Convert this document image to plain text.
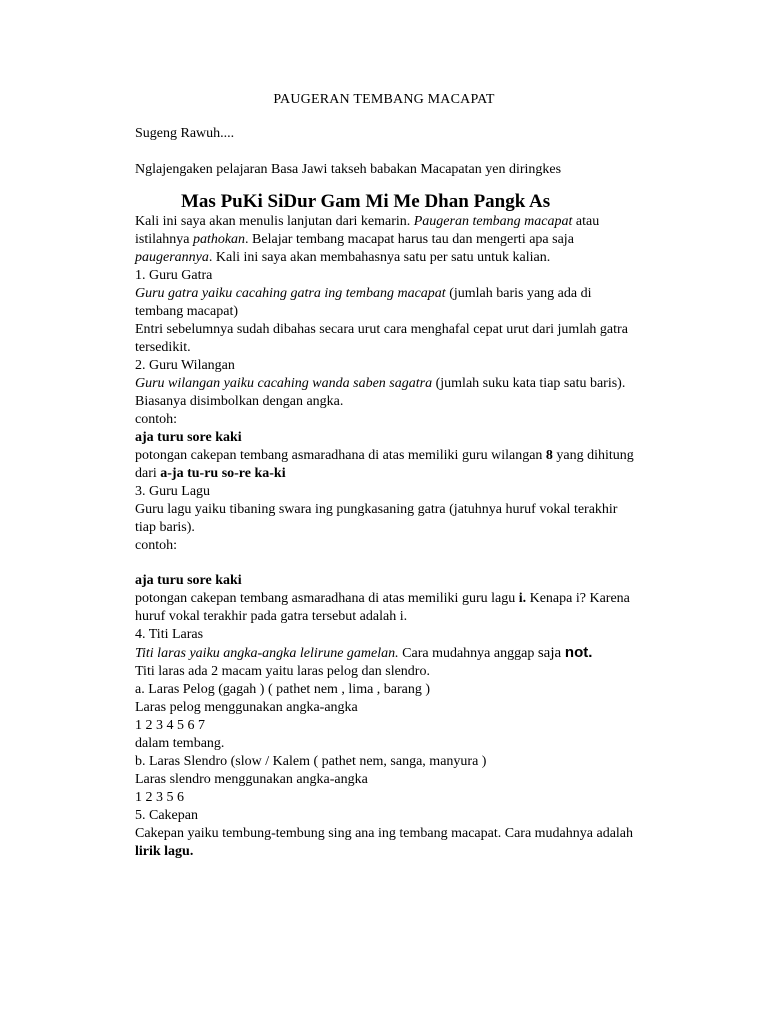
PAUGERAN TEMBANG MACAPAT
Sugeng Rawuh....
Nglajengaken pelajaran Basa Jawi takseh babakan Macapatan yen diringkes
Mas PuKi SiDur Gam Mi Me Dhan Pangk As
Kali ini saya akan menulis lanjutan dari kemarin. Paugeran tembang macapat atau
istilahnya pathokan. Belajar tembang macapat harus tau dan mengerti apa saja
paugerannya. Kali ini saya akan membahasnya satu per satu untuk kalian.
1. Guru Gatra
Guru gatra yaiku cacahing gatra ing tembang macapat (jumlah baris yang ada di
tembang macapat)
Entri sebelumnya sudah dibahas secara urut cara menghafal cepat urut dari jumlah gatra
tersedikit.
2. Guru Wilangan
Guru wilangan yaiku cacahing wanda saben sagatra (jumlah suku kata tiap satu baris).
Biasanya disimbolkan dengan angka.
contoh:
aja turu sore kaki
potongan cakepan tembang asmaradhana di atas memiliki guru wilangan 8 yang dihitung
dari a-ja tu-ru so-re ka-ki
3. Guru Lagu
Guru lagu yaiku tibaning swara ing pungkasaning gatra (jatuhnya huruf vokal terakhir
tiap baris).
contoh:
aja turu sore kaki
potongan cakepan tembang asmaradhana di atas memiliki guru lagu i. Kenapa i? Karena
huruf vokal terakhir pada gatra tersebut adalah i.
4. Titi Laras
Titi laras yaiku angka-angka lelirune gamelan. Cara mudahnya anggap saja not.
Titi laras ada 2 macam yaitu laras pelog dan slendro.
a. Laras Pelog (gagah ) ( pathet nem , lima , barang )
Laras pelog menggunakan angka-angka
1 2 3 4 5 6 7
dalam tembang.
b. Laras Slendro (slow / Kalem ( pathet nem, sanga, manyura )
Laras slendro menggunakan angka-angka
1 2 3 5 6
5. Cakepan
Cakepan yaiku tembung-tembung sing ana ing tembang macapat. Cara mudahnya adalah
lirik lagu.
